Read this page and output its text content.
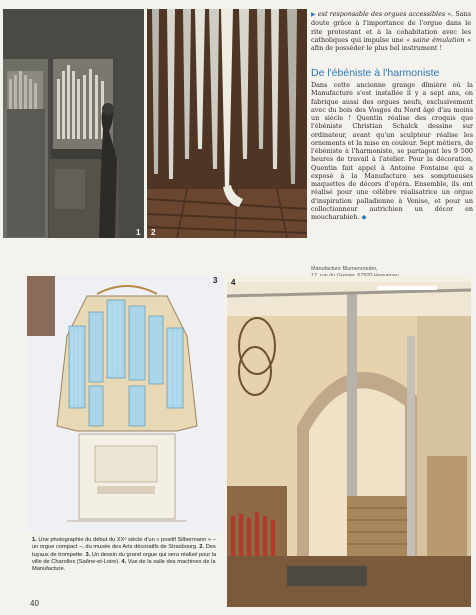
1 2

▶ est responsable des orgues accessibles ». Sans doute grâce à l'importance de l'orgue dans le rite protestant et à la cohabitation avec les catholiques qui impulse une « saine émulation » afin de posséder le plus bel instrument !

De l'ébéniste à l'harmoniste
Dans cette ancienne grange dîmière où la Manufacture s'est installée il y a sept ans, on fabrique aussi des orgues neufs, exclusivement avec du bois des Vosges du Nord âgé d'au moins un siècle ! Quentin réalise des croquis que l'ébéniste Christian Schalck dessine sur ordinateur, avant qu'un sculpteur réalise les ornements et la mise en couleur. Sept métiers, de l'ébéniste à l'harmoniste, se partagent les 9 500 heures de travail à l'atelier. Pour la décoration, Quentin fait appel à Antoine Fontaine qui a exposé à la Manufacture ses somptueuses maquettes de décors d'opéra. Ensemble, ils ont réalisé pour une célèbre réalisatrice un orgue d'inspiration palladienne à Venise, et pour un collectionneur autrichien un décor en moucharabieh. ◆
Manufacture Blumenroeder,
3
1. Une photographie du début du XXᵉ siècle d'un « positif Silbermann » – un orgue compact –, du musée des Arts décoratifs de Strasbourg. 2. Des tuyaux de trompette. 3. Un dessin du grand orgue qui sera réalisé pour la ville de Charolles (Saône-et-Loire). 4. Vue de la salle des machines de la Manufacture.
4
40
